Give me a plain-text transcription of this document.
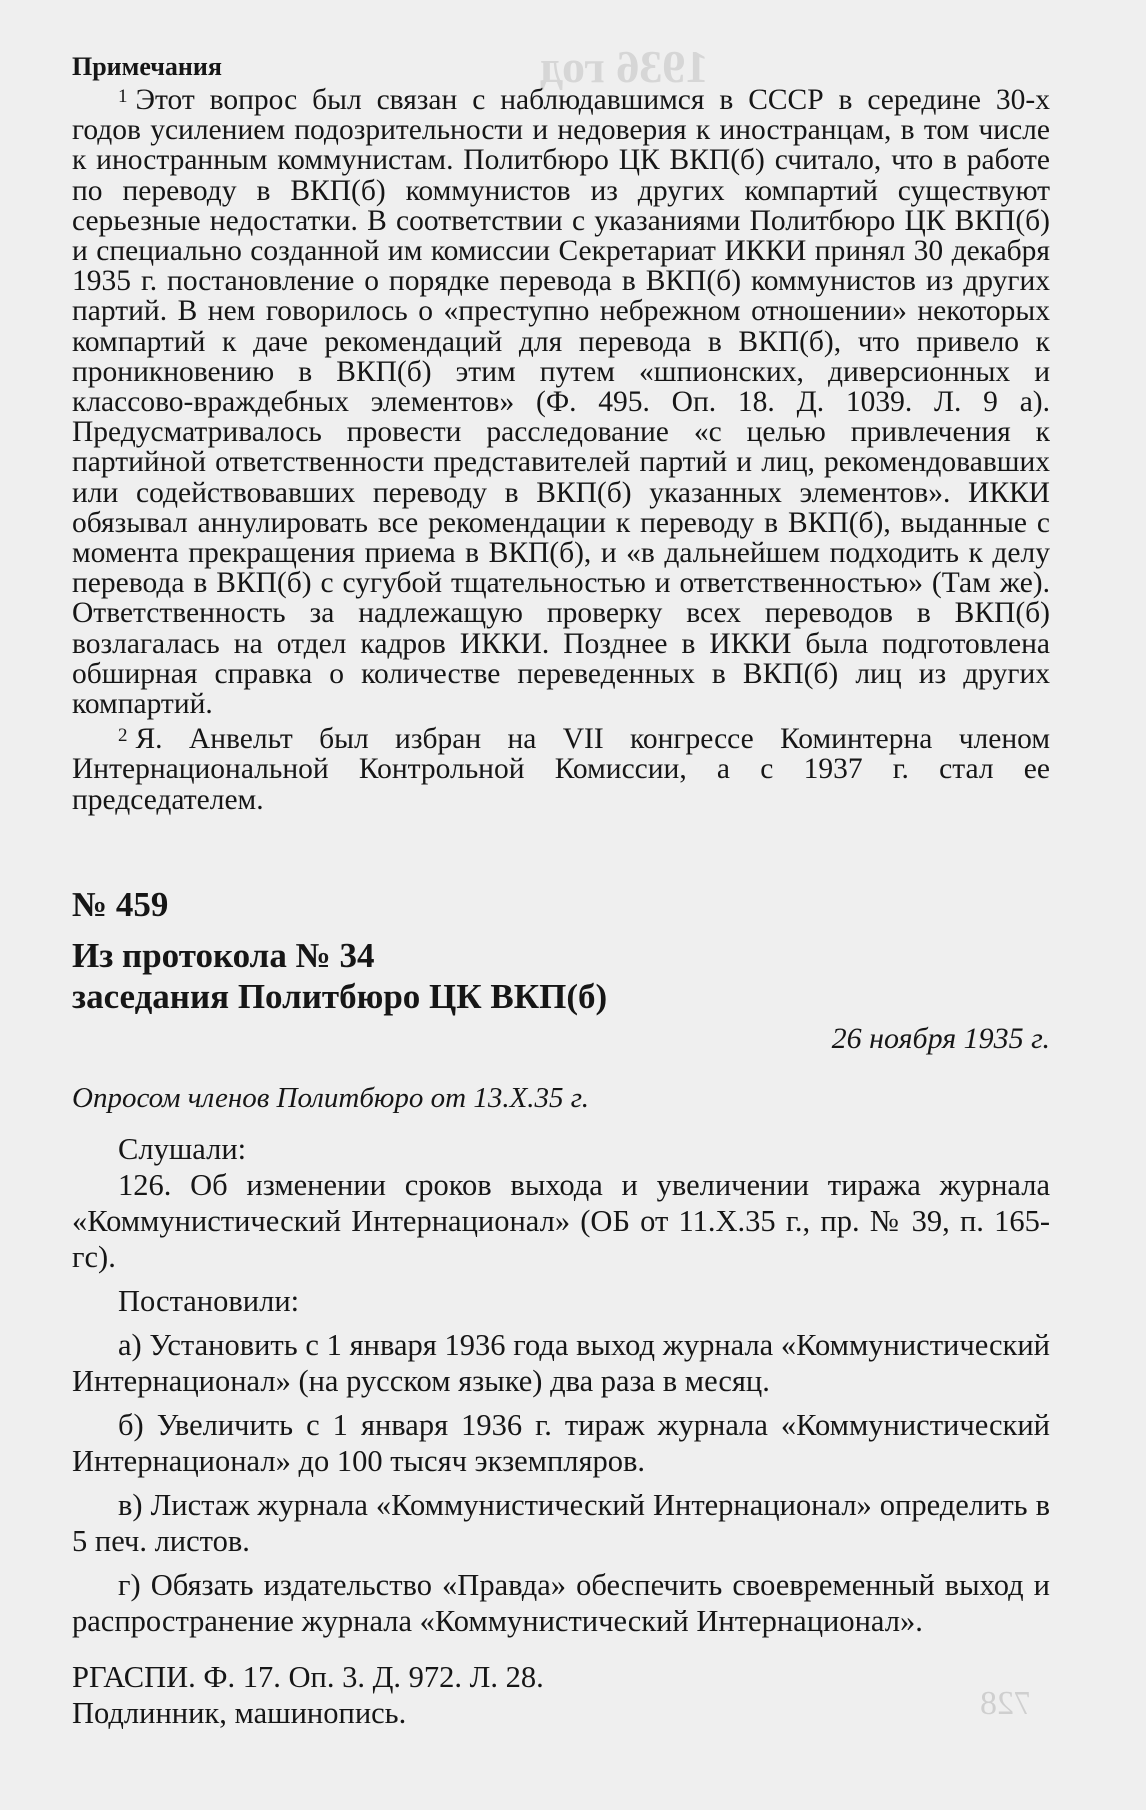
1936 год
728

Примечания

$^1$ Этот вопрос был связан с наблюдавшимся в СССР в середине 30-х годов усилением подозрительности и недоверия к иностранцам, в том числе к иностранным коммунистам. Политбюро ЦК ВКП(б) считало, что в работе по переводу в ВКП(б) коммунистов из других компартий существуют серьезные недостатки. В соответствии с указаниями Политбюро ЦК ВКП(б) и специально созданной им комиссии Секретариат ИККИ принял 30 декабря 1935 г. постановление о порядке перевода в ВКП(б) коммунистов из других партий. В нем говорилось о «преступно небрежном отношении» некоторых компартий к даче рекомендаций для перевода в ВКП(б), что привело к проникновению в ВКП(б) этим путем «шпионских, диверсионных и классово-враждебных элементов» (Ф. 495. Оп. 18. Д. 1039. Л. 9 а). Предусматривалось провести расследование «с целью привлечения к партийной ответственности представителей партий и лиц, рекомендовавших или содействовавших переводу в ВКП(б) указанных элементов». ИККИ обязывал аннулировать все рекомендации к переводу в ВКП(б), выданные с момента прекращения приема в ВКП(б), и «в дальнейшем подходить к делу перевода в ВКП(б) с сугубой тщательностью и ответственностью» (Там же). Ответственность за надлежащую проверку всех переводов в ВКП(б) возлагалась на отдел кадров ИККИ. Позднее в ИККИ была подготовлена обширная справка о количестве переведенных в ВКП(б) лиц из других компартий.

$^2$ Я. Анвельт был избран на VII конгрессе Коминтерна членом Интернациональной Контрольной Комиссии, а с 1937 г. стал ее председателем.

№ 459

Из протокола № 34
заседания Политбюро ЦК ВКП(б)

26 ноября 1935 г.

Опросом членов Политбюро от 13.X.35 г.

Слушали:

126. Об изменении сроков выхода и увеличении тиража журнала «Коммунистический Интернационал» (ОБ от 11.X.35 г., пр. № 39, п. 165-гс).

Постановили:

а) Установить с 1 января 1936 года выход журнала «Коммунистический Интернационал» (на русском языке) два раза в месяц.

б) Увеличить с 1 января 1936 г. тираж журнала «Коммунистический Интернационал» до 100 тысяч экземпляров.

в) Листаж журнала «Коммунистический Интернационал» определить в 5 печ. листов.

г) Обязать издательство «Правда» обеспечить своевременный выход и распространение журнала «Коммунистический Интернационал».

РГАСПИ. Ф. 17. Оп. 3. Д. 972. Л. 28.
Подлинник, машинопись.
